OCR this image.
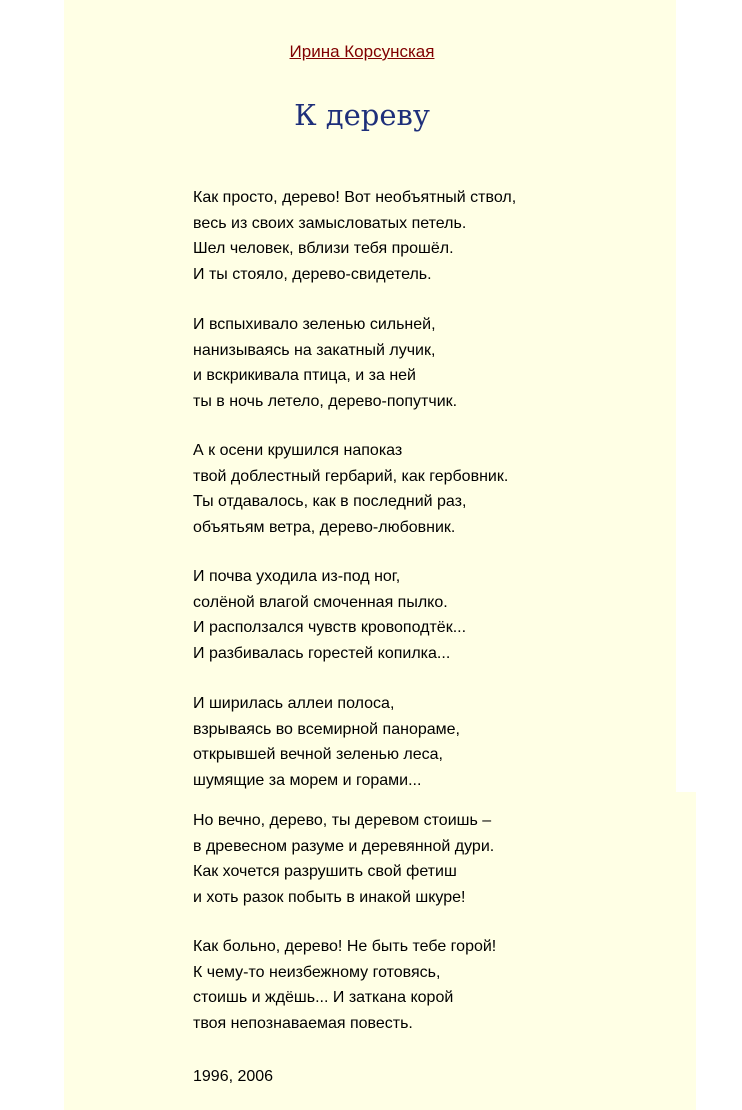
Ирина Корсунская
К дереву
Как просто, дерево! Вот необъятный ствол,
весь из своих замысловатых петель.
Шел человек, вблизи тебя прошёл.
И ты стояло, дерево-свидетель.
И вспыхивало зеленью сильней,
нанизываясь на закатный лучик,
и вскрикивала птица, и за ней
ты в ночь летело, дерево-попутчик.
А к осени крушился напоказ
твой доблестный гербарий, как гербовник.
Ты отдавалось, как в последний раз,
объятьям ветра, дерево-любовник.
И почва уходила из-под ног,
солёной влагой смоченная пылко.
И расползался чувств кровоподтёк...
И разбивалась горестей копилка...
И ширилась аллеи полоса,
взрываясь во всемирной панораме,
открывшей вечной зеленью леса,
шумящие за морем и горами...
Но вечно, дерево, ты деревом стоишь –
в древесном разуме и деревянной дури.
Как хочется разрушить свой фетиш
и хоть разок побыть в инакой шкуре!
Как больно, дерево! Не быть тебе горой!
К чему-то неизбежному готовясь,
стоишь и ждёшь... И заткана корой
твоя непознаваемая повесть.
1996, 2006
